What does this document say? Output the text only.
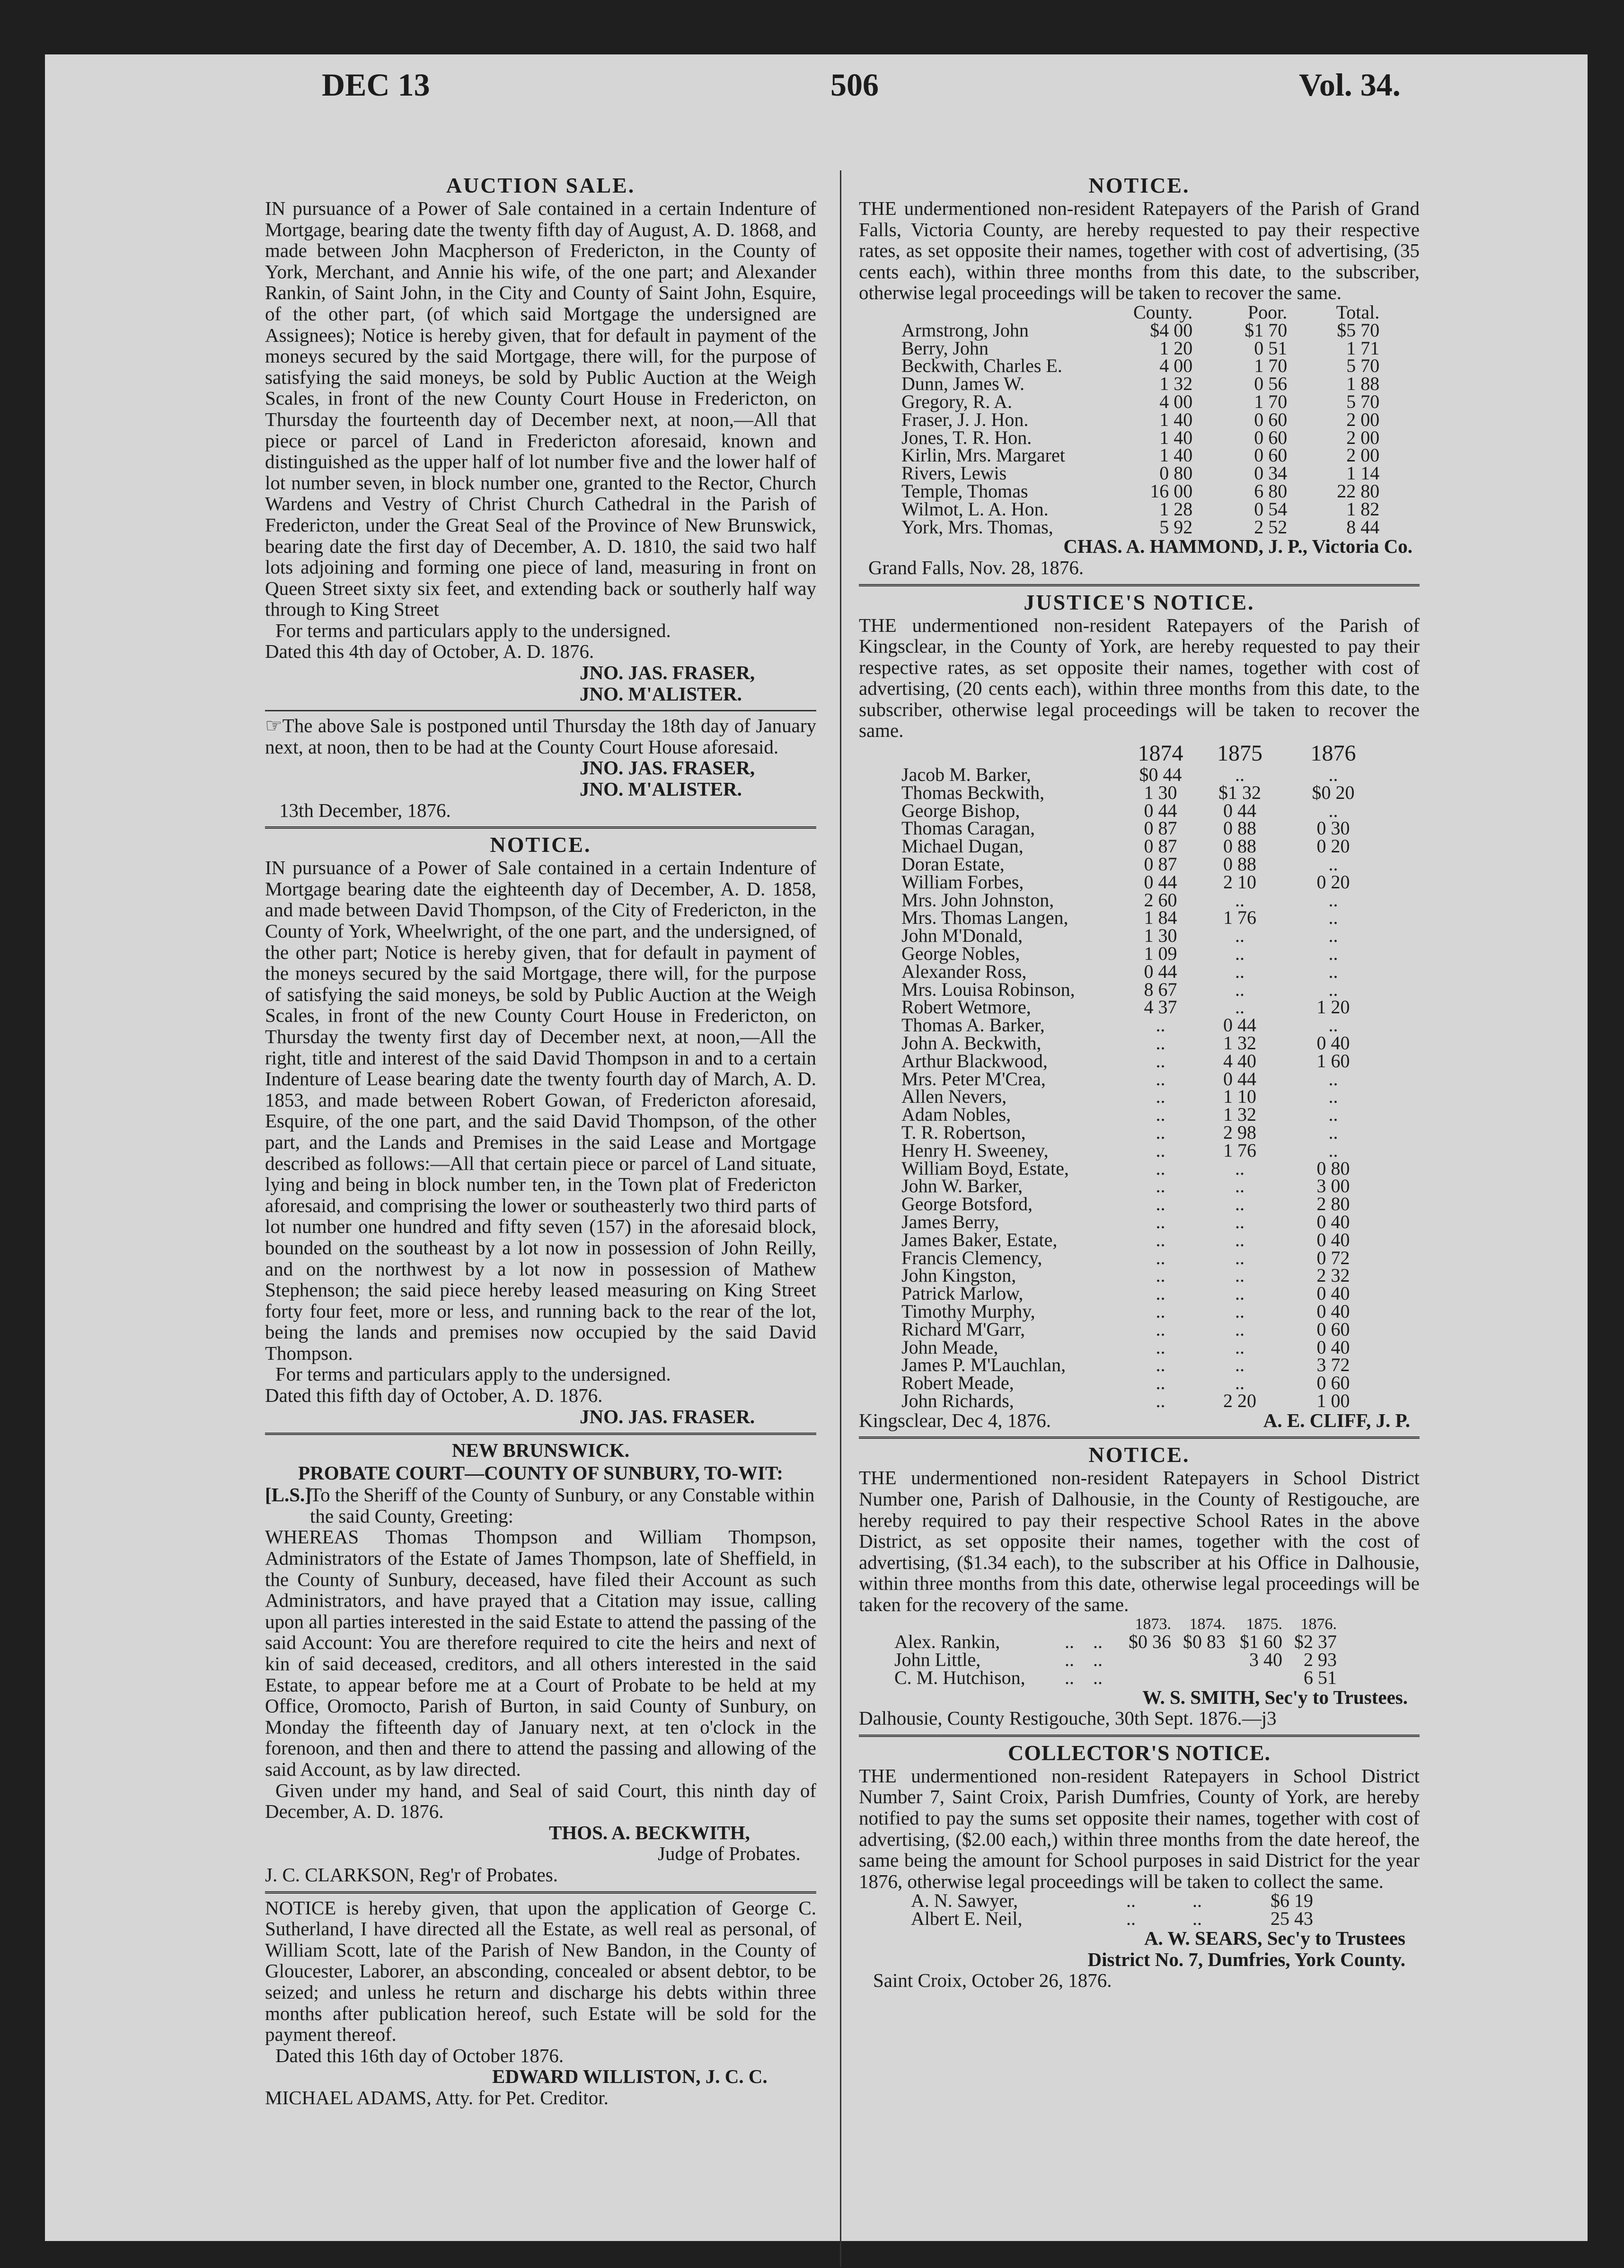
DEC 13	506	Vol. 34.
AUCTION SALE.

IN pursuance of a Power of Sale contained in a certain Indenture of Mortgage, bearing date the twenty fifth day of August, A. D. 1868, and made between John Macpherson of Fredericton, in the County of York, Merchant, and Annie his wife, of the one part; and Alexander Rankin, of Saint John, in the City and County of Saint John, Esquire, of the other part, (of which said Mortgage the undersigned are Assignees); Notice is hereby given, that for default in payment of the moneys secured by the said Mortgage, there will, for the purpose of satisfying the said moneys, be sold by Public Auction at the Weigh Scales, in front of the new County Court House in Fredericton, on Thursday the fourteenth day of December next, at noon,—All that piece or parcel of Land in Fredericton aforesaid, known and distinguished as the upper half of lot number five and the lower half of lot number seven, in block number one, granted to the Rector, Church Wardens and Vestry of Christ Church Cathedral in the Parish of Fredericton, under the Great Seal of the Province of New Brunswick, bearing date the first day of December, A. D. 1810, the said two half lots adjoining and forming one piece of land, measuring in front on Queen Street sixty six feet, and extending back or southerly half way through to King Street

For terms and particulars apply to the undersigned.

Dated this 4th day of October, A. D. 1876.

JNO. JAS. FRASER,
JNO. M'ALISTER.

☞The above Sale is postponed until Thursday the 18th day of January next, at noon, then to be had at the County Court House aforesaid.

JNO. JAS. FRASER,
JNO. M'ALISTER.

13th December, 1876.

NOTICE.

IN pursuance of a Power of Sale contained in a certain Indenture of Mortgage bearing date the eighteenth day of December, A. D. 1858, and made between David Thompson, of the City of Fredericton, in the County of York, Wheelwright, of the one part, and the undersigned, of the other part; Notice is hereby given, that for default in payment of the moneys secured by the said Mortgage, there will, for the purpose of satisfying the said moneys, be sold by Public Auction at the Weigh Scales, in front of the new County Court House in Fredericton, on Thursday the twenty first day of December next, at noon,—All the right, title and interest of the said David Thompson in and to a certain Indenture of Lease bearing date the twenty fourth day of March, A. D. 1853, and made between Robert Gowan, of Fredericton aforesaid, Esquire, of the one part, and the said David Thompson, of the other part, and the Lands and Premises in the said Lease and Mortgage described as follows:—All that certain piece or parcel of Land situate, lying and being in block number ten, in the Town plat of Fredericton aforesaid, and comprising the lower or southeasterly two third parts of lot number one hundred and fifty seven (157) in the aforesaid block, bounded on the southeast by a lot now in possession of John Reilly, and on the northwest by a lot now in possession of Mathew Stephenson; the said piece hereby leased measuring on King Street forty four feet, more or less, and running back to the rear of the lot, being the lands and premises now occupied by the said David Thompson.

For terms and particulars apply to the undersigned.

Dated this fifth day of October, A. D. 1876.

JNO. JAS. FRASER.
NEW BRUNSWICK.
PROBATE COURT—COUNTY OF SUNBURY, TO-WIT:
[L.S.]
To the Sheriff of the County of Sunbury, or any Constable within the said County, Greeting:

WHEREAS Thomas Thompson and William Thompson, Administrators of the Estate of James Thompson, late of Sheffield, in the County of Sunbury, deceased, have filed their Account as such Administrators, and have prayed that a Citation may issue, calling upon all parties interested in the said Estate to attend the passing of the said Account: You are therefore required to cite the heirs and next of kin of said deceased, creditors, and all others interested in the said Estate, to appear before me at a Court of Probate to be held at my Office, Oromocto, Parish of Burton, in said County of Sunbury, on Monday the fifteenth day of January next, at ten o'clock in the forenoon, and then and there to attend the passing and allowing of the said Account, as by law directed.

Given under my hand, and Seal of said Court, this ninth day of December, A. D. 1876.

THOS. A. BECKWITH,
Judge of Probates.
J. C. CLARKSON, Reg'r of Probates.

NOTICE is hereby given, that upon the application of George C. Sutherland, I have directed all the Estate, as well real as personal, of William Scott, late of the Parish of New Bandon, in the County of Gloucester, Laborer, an absconding, concealed or absent debtor, to be seized; and unless he return and discharge his debts within three months after publication hereof, such Estate will be sold for the payment thereof.

Dated this 16th day of October 1876.

EDWARD WILLISTON, J. C. C.
MICHAEL ADAMS, Atty. for Pet. Creditor.
NOTICE.

THE undermentioned non-resident Ratepayers of the Parish of Grand Falls, Victoria County, are hereby requested to pay their respective rates, as set opposite their names, together with cost of advertising, (35 cents each), within three months from this date, to the subscriber, otherwise legal proceedings will be taken to recover the same.

	County.	Poor.	Total.
Armstrong, John	$4 00	$1 70	$5 70
Berry, John	1 20	0 51	1 71
Beckwith, Charles E.	4 00	1 70	5 70
Dunn, James W.	1 32	0 56	1 88
Gregory, R. A.	4 00	1 70	5 70
Fraser, J. J. Hon.	1 40	0 60	2 00
Jones, T. R. Hon.	1 40	0 60	2 00
Kirlin, Mrs. Margaret	1 40	0 60	2 00
Rivers, Lewis	0 80	0 34	1 14
Temple, Thomas	16 00	6 80	22 80
Wilmot, L. A. Hon.	1 28	0 54	1 82
York, Mrs. Thomas,	5 92	2 52	8 44
CHAS. A. HAMMOND, J. P., Victoria Co.
Grand Falls, Nov. 28, 1876.
JUSTICE'S NOTICE.

THE undermentioned non-resident Ratepayers of the Parish of Kingsclear, in the County of York, are hereby requested to pay their respective rates, as set opposite their names, together with cost of advertising, (20 cents each), within three months from this date, to the subscriber, otherwise legal proceedings will be taken to recover the same.

	1874	1875	1876
Jacob M. Barker,	$0 44	..	..
Thomas Beckwith,	1 30	$1 32	$0 20
George Bishop,	0 44	0 44	..
Thomas Caragan,	0 87	0 88	0 30
Michael Dugan,	0 87	0 88	0 20
Doran Estate,	0 87	0 88	..
William Forbes,	0 44	2 10	0 20
Mrs. John Johnston,	2 60	..	..
Mrs. Thomas Langen,	1 84	1 76	..
John M'Donald,	1 30	..	..
George Nobles,	1 09	..	..
Alexander Ross,	0 44	..	..
Mrs. Louisa Robinson,	8 67	..	..
Robert Wetmore,	4 37	..	1 20
Thomas A. Barker,	..	0 44	..
John A. Beckwith,	..	1 32	0 40
Arthur Blackwood,	..	4 40	1 60
Mrs. Peter M'Crea,	..	0 44	..
Allen Nevers,	..	1 10	..
Adam Nobles,	..	1 32	..
T. R. Robertson,	..	2 98	..
Henry H. Sweeney,	..	1 76	..
William Boyd, Estate,	..	..	0 80
John W. Barker,	..	..	3 00
George Botsford,	..	..	2 80
James Berry,	..	..	0 40
James Baker, Estate,	..	..	0 40
Francis Clemency,	..	..	0 72
John Kingston,	..	..	2 32
Patrick Marlow,	..	..	0 40
Timothy Murphy,	..	..	0 40
Richard M'Garr,	..	..	0 60
John Meade,	..	..	0 40
James P. M'Lauchlan,	..	..	3 72
Robert Meade,	..	..	0 60
John Richards,	..	2 20	1 00
Kingsclear, Dec 4, 1876.	A. E. CLIFF, J. P.
NOTICE.

THE undermentioned non-resident Ratepayers in School District Number one, Parish of Dalhousie, in the County of Restigouche, are hereby required to pay their respective School Rates in the above District, as set opposite their names, together with the cost of advertising, ($1.34 each), to the subscriber at his Office in Dalhousie, within three months from this date, otherwise legal proceedings will be taken for the recovery of the same.

			1873.	1874.	1875.	1876.
Alex. Rankin,	..	..	$0 36	$0 83	$1 60	$2 37
John Little,	..	..			3 40	2 93
C. M. Hutchison,	..	..				6 51
W. S. SMITH, Sec'y to Trustees.
Dalhousie, County Restigouche, 30th Sept. 1876.—j3
COLLECTOR'S NOTICE.

THE undermentioned non-resident Ratepayers in School District Number 7, Saint Croix, Parish Dumfries, County of York, are hereby notified to pay the sums set opposite their names, together with cost of advertising, ($2.00 each,) within three months from the date hereof, the same being the amount for School purposes in said District for the year 1876, otherwise legal proceedings will be taken to collect the same.

A. N. Sawyer,	..	..	$6 19
Albert E. Neil,	..	..	25 43
A. W. SEARS, Sec'y to Trustees
District No. 7, Dumfries, York County.
Saint Croix, October 26, 1876.
